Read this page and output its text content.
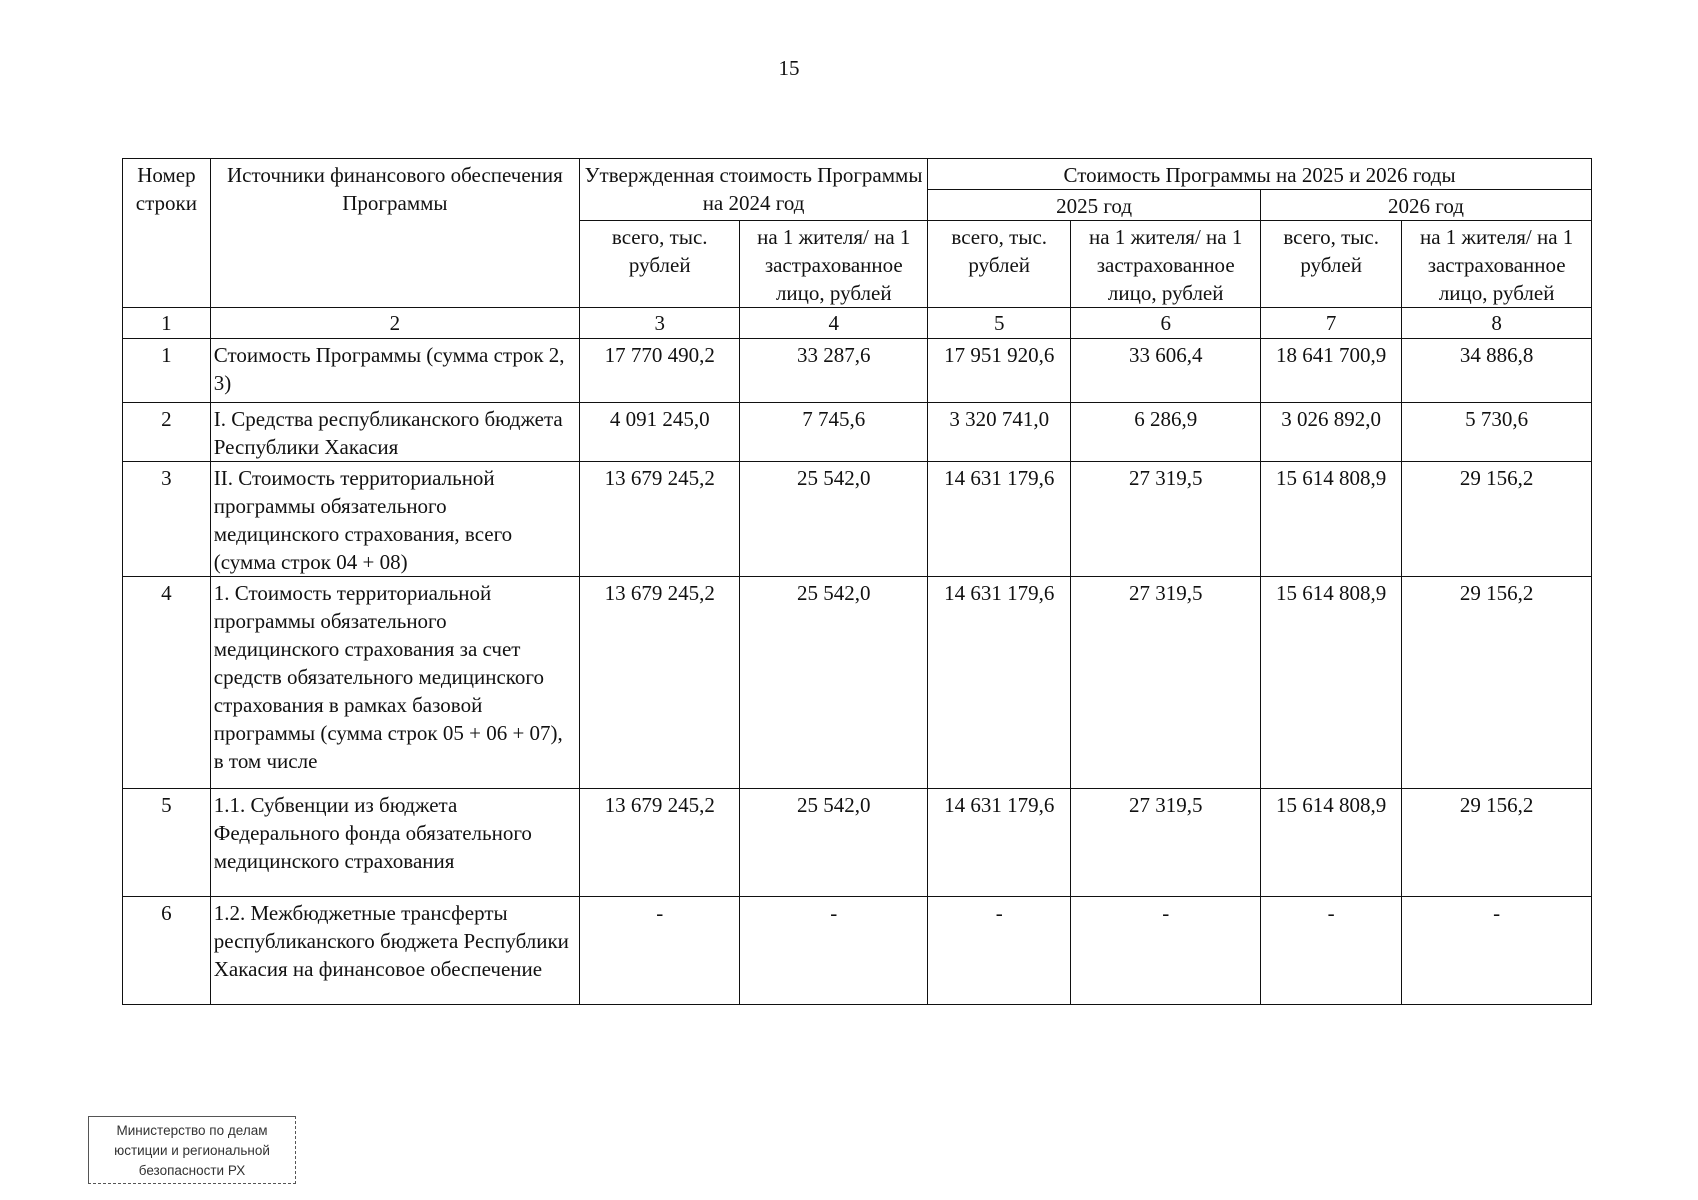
15
Номер строки	Источники финансового обеспечения Программы	Утвержденная стоимость Программы на 2024 год		Стоимость Программы на 2025 и 2026 годы			
				2025 год		2026 год	
		всего, тыс. рублей	на 1 жителя/ на 1 застрахованное лицо, рублей	всего, тыс. рублей	на 1 жителя/ на 1 застрахованное лицо, рублей	всего, тыс. рублей	на 1 жителя/ на 1 застрахованное лицо, рублей
1	2	3	4	5	6	7	8
1	Стоимость Программы (сумма строк 2, 3)	17 770 490,2	33 287,6	17 951 920,6	33 606,4	18 641 700,9	34 886,8
2	I. Средства республиканского бюджета Республики Хакасия	4 091 245,0	7 745,6	3 320 741,0	6 286,9	3 026 892,0	5 730,6
3	II. Стоимость территориальной программы обязательного медицинского страхования, всего (сумма строк 04 + 08)	13 679 245,2	25 542,0	14 631 179,6	27 319,5	15 614 808,9	29 156,2
4	1. Стоимость территориальной программы обязательного медицинского страхования за счет средств обязательного медицинского страхования в рамках базовой программы (сумма строк 05 + 06 + 07), в том числе	13 679 245,2	25 542,0	14 631 179,6	27 319,5	15 614 808,9	29 156,2
5	1.1. Субвенции из бюджета Федерального фонда обязательного медицинского страхования	13 679 245,2	25 542,0	14 631 179,6	27 319,5	15 614 808,9	29 156,2
6	1.2. Межбюджетные трансферты республиканского бюджета Республики Хакасия на финансовое обеспечение	-	-	-	-	-	-
Министерство по делам
юстиции и региональной
безопасности РХ
